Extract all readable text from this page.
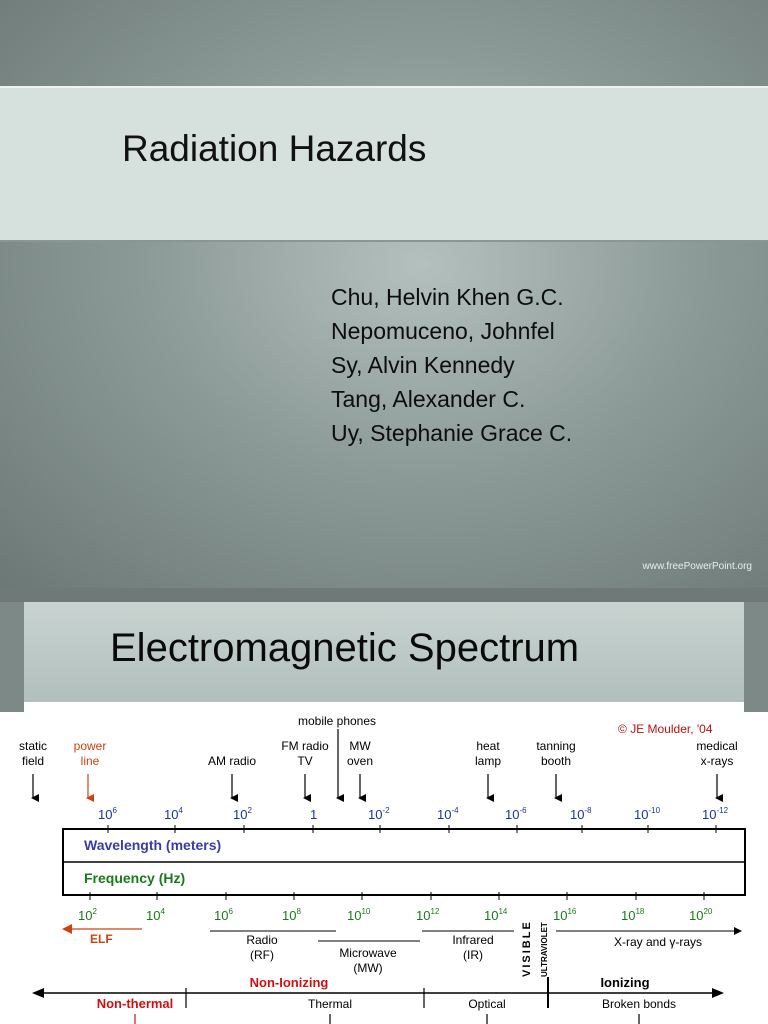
Radiation Hazards
Chu, Helvin Khen G.C.
Nepomuceno, Johnfel
Sy, Alvin Kennedy
Tang, Alexander C.
Uy, Stephanie Grace C.
www.freePowerPoint.org
Electromagnetic Spectrum
© JE Moulder, '04
mobile phones
static
field
power
line	AM radio
FM radio
TV
MW
oven
heat
lamp
tanning
booth
medical
x-rays
$10^6$	$10^4$	$10^2$	1	$10^{-2}$	$10^{-4}$	$10^{-6}$	$10^{-8}$	$10^{-10}$	$10^{-12}$
Wavelength (meters)
Frequency (Hz)
$10^2$	$10^4$	$10^6$	$10^8$	$10^{10}$	$10^{12}$	$10^{14}$	$10^{16}$	$10^{18}$	$10^{20}$
ELF	Radio
(RF)	Microwave
(MW)
Infrared
(IR)	VISIBLE ULTRAVIOLET	X-ray and γ-rays
Non-Ionizing	Ionizing
Non-thermal	Thermal	Optical	Broken bonds
